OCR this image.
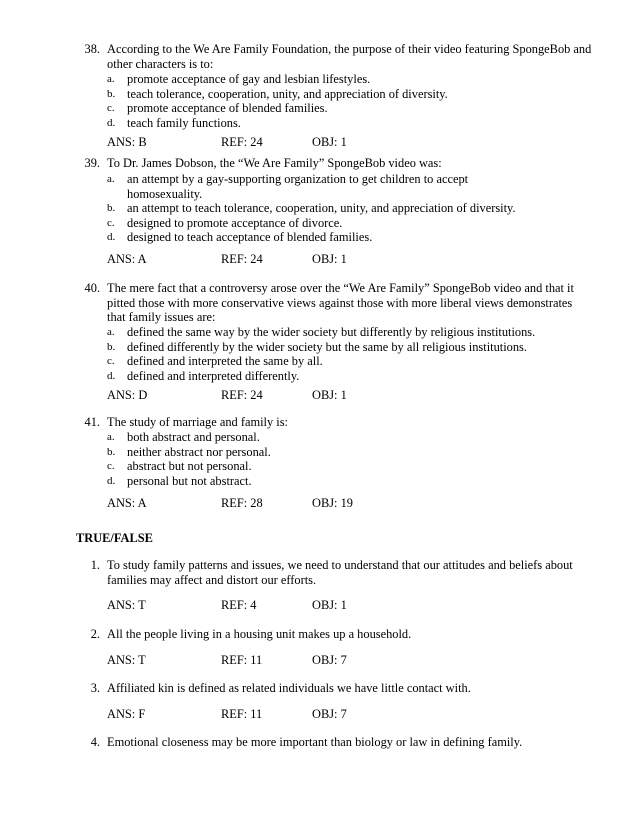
38. According to the We Are Family Foundation, the purpose of their video featuring SpongeBob and other characters is to:
a. promote acceptance of gay and lesbian lifestyles.
b. teach tolerance, cooperation, unity, and appreciation of diversity.
c. promote acceptance of blended families.
d. teach family functions.
ANS: B	REF: 24	OBJ: 1
39. To Dr. James Dobson, the “We Are Family” SpongeBob video was:
a. an attempt by a gay-supporting organization to get children to accept homosexuality.
b. an attempt to teach tolerance, cooperation, unity, and appreciation of diversity.
c. designed to promote acceptance of divorce.
d. designed to teach acceptance of blended families.
ANS: A	REF: 24	OBJ: 1
40. The mere fact that a controversy arose over the “We Are Family” SpongeBob video and that it pitted those with more conservative views against those with more liberal views demonstrates that family issues are:
a. defined the same way by the wider society but differently by religious institutions.
b. defined differently by the wider society but the same by all religious institutions.
c. defined and interpreted the same by all.
d. defined and interpreted differently.
ANS: D	REF: 24	OBJ: 1
41. The study of marriage and family is:
a. both abstract and personal.
b. neither abstract nor personal.
c. abstract but not personal.
d. personal but not abstract.
ANS: A	REF: 28	OBJ: 19
TRUE/FALSE
1. To study family patterns and issues, we need to understand that our attitudes and beliefs about families may affect and distort our efforts.
ANS: T	REF: 4	OBJ: 1
2. All the people living in a housing unit makes up a household.
ANS: T	REF: 11	OBJ: 7
3. Affiliated kin is defined as related individuals we have little contact with.
ANS: F	REF: 11	OBJ: 7
4. Emotional closeness may be more important than biology or law in defining family.
